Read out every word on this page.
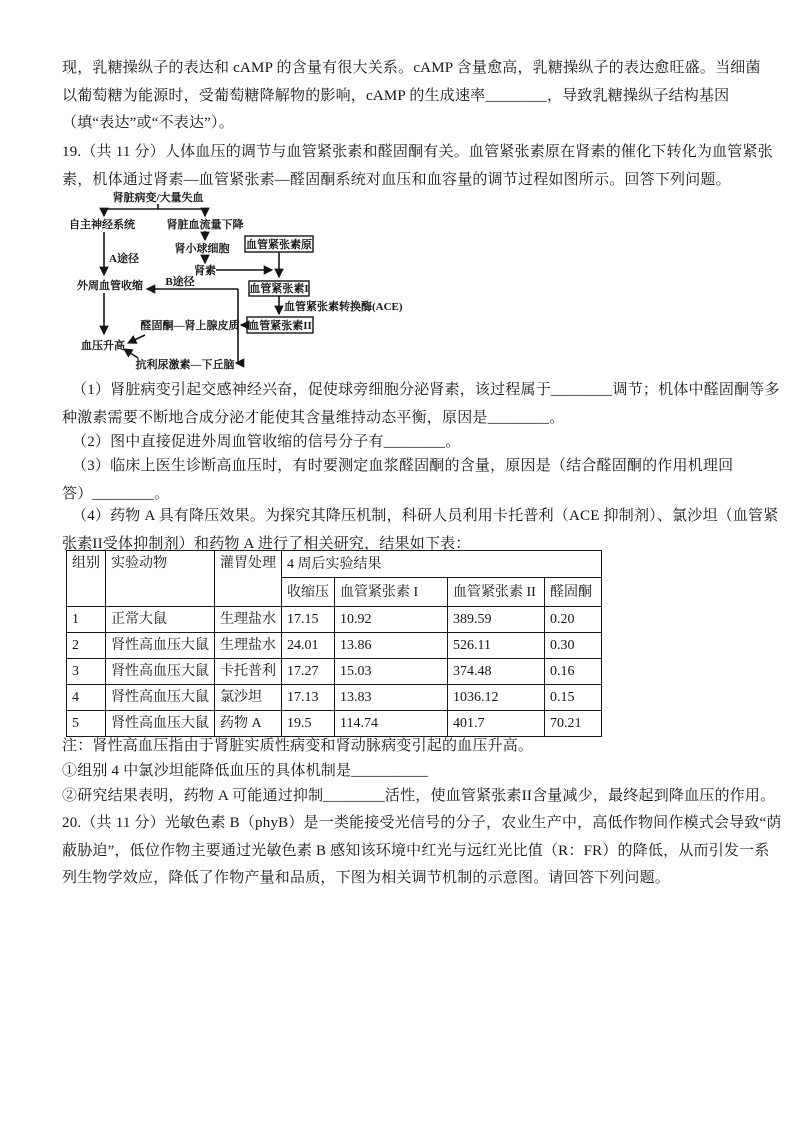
现，乳糖操纵子的表达和 cAMP 的含量有很大关系。cAMP 含量愈高，乳糖操纵子的表达愈旺盛。当细菌
以葡萄糖为能源时，受葡萄糖降解物的影响，cAMP 的生成速率________，导致乳糖操纵子结构基因
（填“表达”或“不表达”）。
19.（共 11 分）人体血压的调节与血管紧张素和醛固酮有关。血管紧张素原在肾素的催化下转化为血管紧张
素，机体通过肾素—血管紧张素—醛固酮系统对血压和血容量的调节过程如图所示。回答下列问题。
肾脏病变/大量失血
自主神经系统	肾脏血流量下降
肾小球细胞
肾素
血管紧张素原
A途径
B途径
外周血管收缩	血管紧张素I
血管紧张素转换酶(ACE)
血管紧张素II
醛固酮—肾上腺皮质
血压升高
抗利尿激素—下丘脑
（1）肾脏病变引起交感神经兴奋，促使球旁细胞分泌肾素，该过程属于________调节；机体中醛固酮等多
种激素需要不断地合成分泌才能使其含量维持动态平衡，原因是________。
（2）图中直接促进外周血管收缩的信号分子有________。
（3）临床上医生诊断高血压时，有时要测定血浆醛固酮的含量，原因是（结合醛固酮的作用机理回
答）________。
（4）药物 A 具有降压效果。为探究其降压机制，科研人员利用卡托普利（ACE 抑制剂）、氯沙坦（血管紧
张素II受体抑制剂）和药物 A 进行了相关研究，结果如下表：
组别	实验动物	灌胃处理	4 周后实验结果			
			收缩压	血管紧张素 I	血管紧张素 II	醛固酮
1	正常大鼠	生理盐水	17.15	10.92	389.59	0.20
2	肾性高血压大鼠	生理盐水	24.01	13.86	526.11	0.30
3	肾性高血压大鼠	卡托普利	17.27	15.03	374.48	0.16
4	肾性高血压大鼠	氯沙坦	17.13	13.83	1036.12	0.15
5	肾性高血压大鼠	药物 A	19.5	114.74	401.7	70.21
注：肾性高血压指由于肾脏实质性病变和肾动脉病变引起的血压升高。
①组别 4 中氯沙坦能降低血压的具体机制是__________
②研究结果表明，药物 A 可能通过抑制________活性，使血管紧张素II含量减少，最终起到降血压的作用。
20.（共 11 分）光敏色素 B（phyB）是一类能接受光信号的分子，农业生产中，高低作物间作模式会导致“荫
蔽胁迫”，低位作物主要通过光敏色素 B 感知该环境中红光与远红光比值（R：FR）的降低，从而引发一系
列生物学效应，降低了作物产量和品质，下图为相关调节机制的示意图。请回答下列问题。
